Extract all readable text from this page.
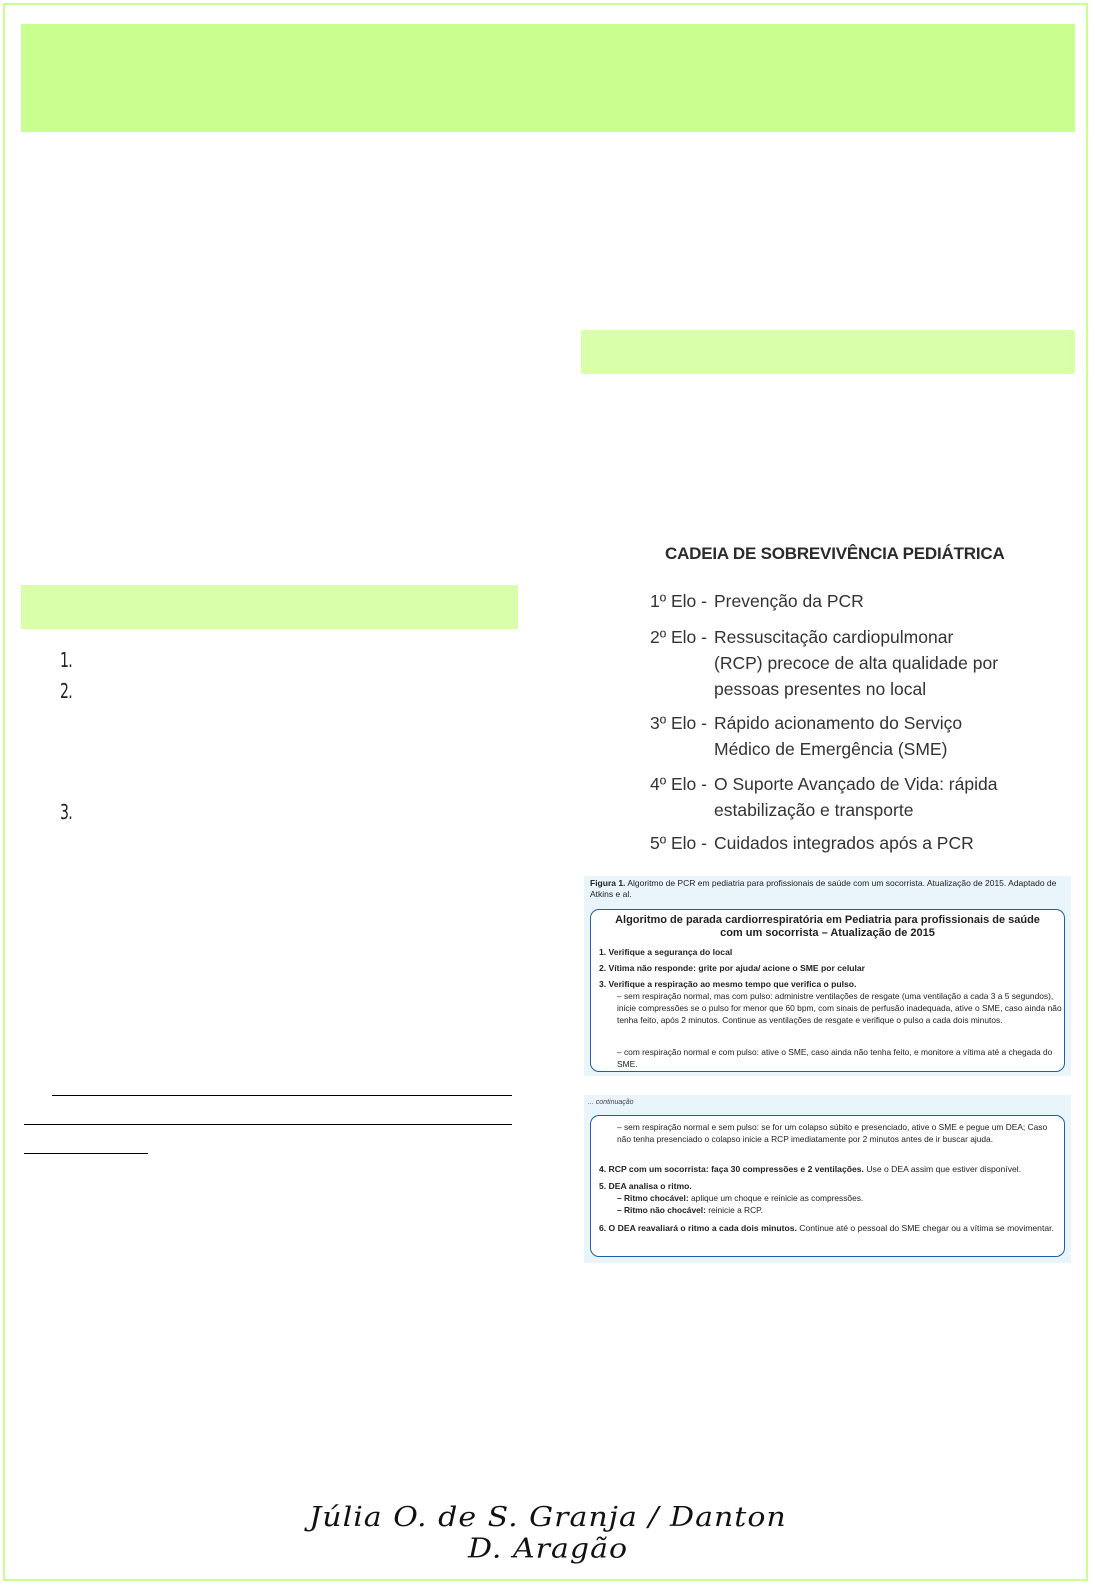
1.
2.
3.
CADEIA DE SOBREVIVÊNCIA PEDIÁTRICA
1º Elo - Prevenção da PCR
2º Elo - Ressuscitação cardiopulmonar (RCP) precoce de alta qualidade por pessoas presentes no local
3º Elo - Rápido acionamento do Serviço Médico de Emergência (SME)
4º Elo - O Suporte Avançado de Vida: rápida estabilização e transporte
5º Elo - Cuidados integrados após a PCR
Figura 1. Algoritmo de PCR em pediatria para profissionais de saúde com um socorrista. Atualização de 2015. Adaptado de Atkins e al.
Algoritmo de parada cardiorrespiratória em Pediatria para profissionais de saúde
com um socorrista – Atualização de 2015
1. Verifique a segurança do local
2. Vítima não responde: grite por ajuda/ acione o SME por celular
3. Verifique a respiração ao mesmo tempo que verifica o pulso.
– sem respiração normal, mas com pulso: administre ventilações de resgate (uma ventilação a cada 3 a 5 segundos), inicie compressões se o pulso for menor que 60 bpm, com sinais de perfusão inadequada, ative o SME, caso ainda não tenha feito, após 2 minutos. Continue as ventilações de resgate e verifique o pulso a cada dois minutos.
– com respiração normal e com pulso: ative o SME, caso ainda não tenha feito, e monitore a vítima até a chegada do SME.
... continuação
– sem respiração normal e sem pulso: se for um colapso súbito e presenciado, ative o SME e pegue um DEA; Caso não tenha presenciado o colapso inicie a RCP imediatamente por 2 minutos antes de ir buscar ajuda.
4. RCP com um socorrista: faça 30 compressões e 2 ventilações. Use o DEA assim que estiver disponível.
5. DEA analisa o ritmo.
– Ritmo chocável: aplique um choque e reinicie as compressões.
– Ritmo não chocável: reinicie a RCP.
6. O DEA reavaliará o ritmo a cada dois minutos. Continue até o pessoal do SME chegar ou a vítima se movimentar.
Júlia O. de S. Granja / Danton D. Aragão
